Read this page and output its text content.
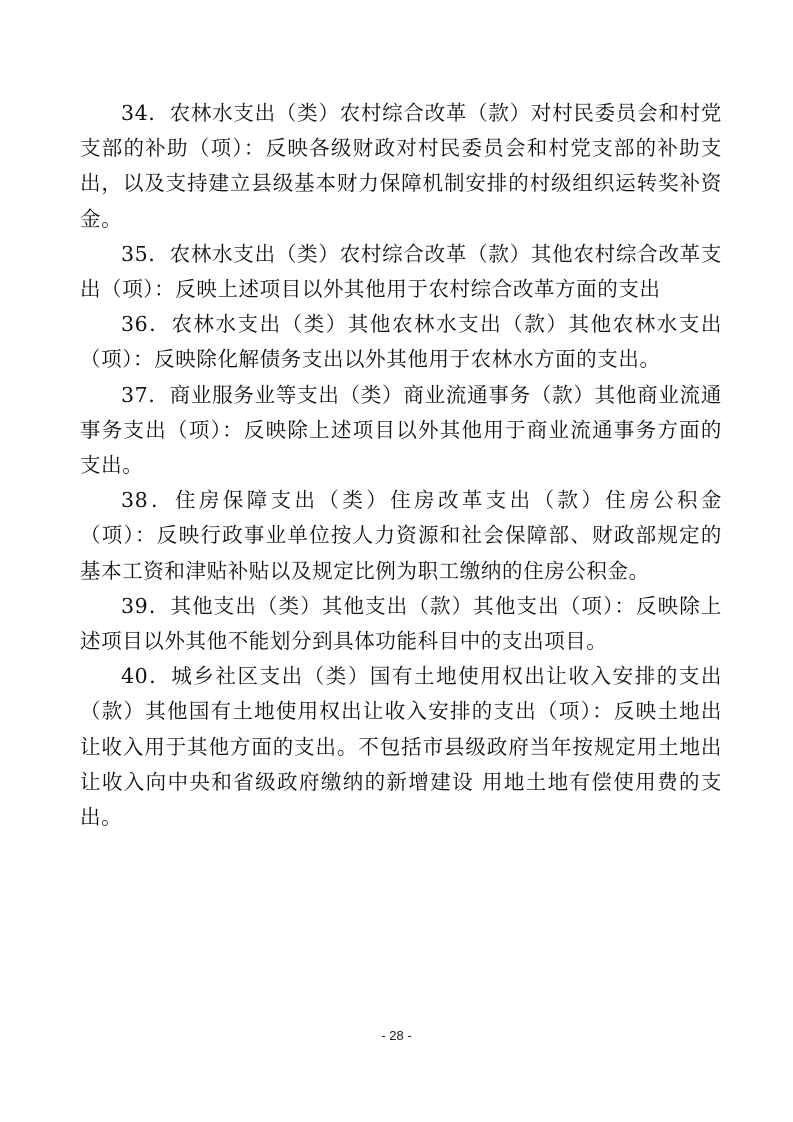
34．农林水支出（类）农村综合改革（款）对村民委员会和村党支部的补助（项）：反映各级财政对村民委员会和村党支部的补助支出，以及支持建立县级基本财力保障机制安排的村级组织运转奖补资金。

35．农林水支出（类）农村综合改革（款）其他农村综合改革支出（项）：反映上述项目以外其他用于农村综合改革方面的支出

36．农林水支出（类）其他农林水支出（款）其他农林水支出（项）：反映除化解债务支出以外其他用于农林水方面的支出。

37．商业服务业等支出（类）商业流通事务（款）其他商业流通事务支出（项）：反映除上述项目以外其他用于商业流通事务方面的支出。

38．住房保障支出（类）住房改革支出（款）住房公积金（项）：反映行政事业单位按人力资源和社会保障部、财政部规定的 基本工资和津贴补贴以及规定比例为职工缴纳的住房公积金。

39．其他支出（类）其他支出（款）其他支出（项）：反映除上述项目以外其他不能划分到具体功能科目中的支出项目。

40．城乡社区支出（类）国有土地使用权出让收入安排的支出（款）其他国有土地使用权出让收入安排的支出（项）：反映土地出让收入用于其他方面的支出。不包括市县级政府当年按规定用土地出让收入向中央和省级政府缴纳的新增建设 用地土地有偿使用费的支出。

- 28 -
